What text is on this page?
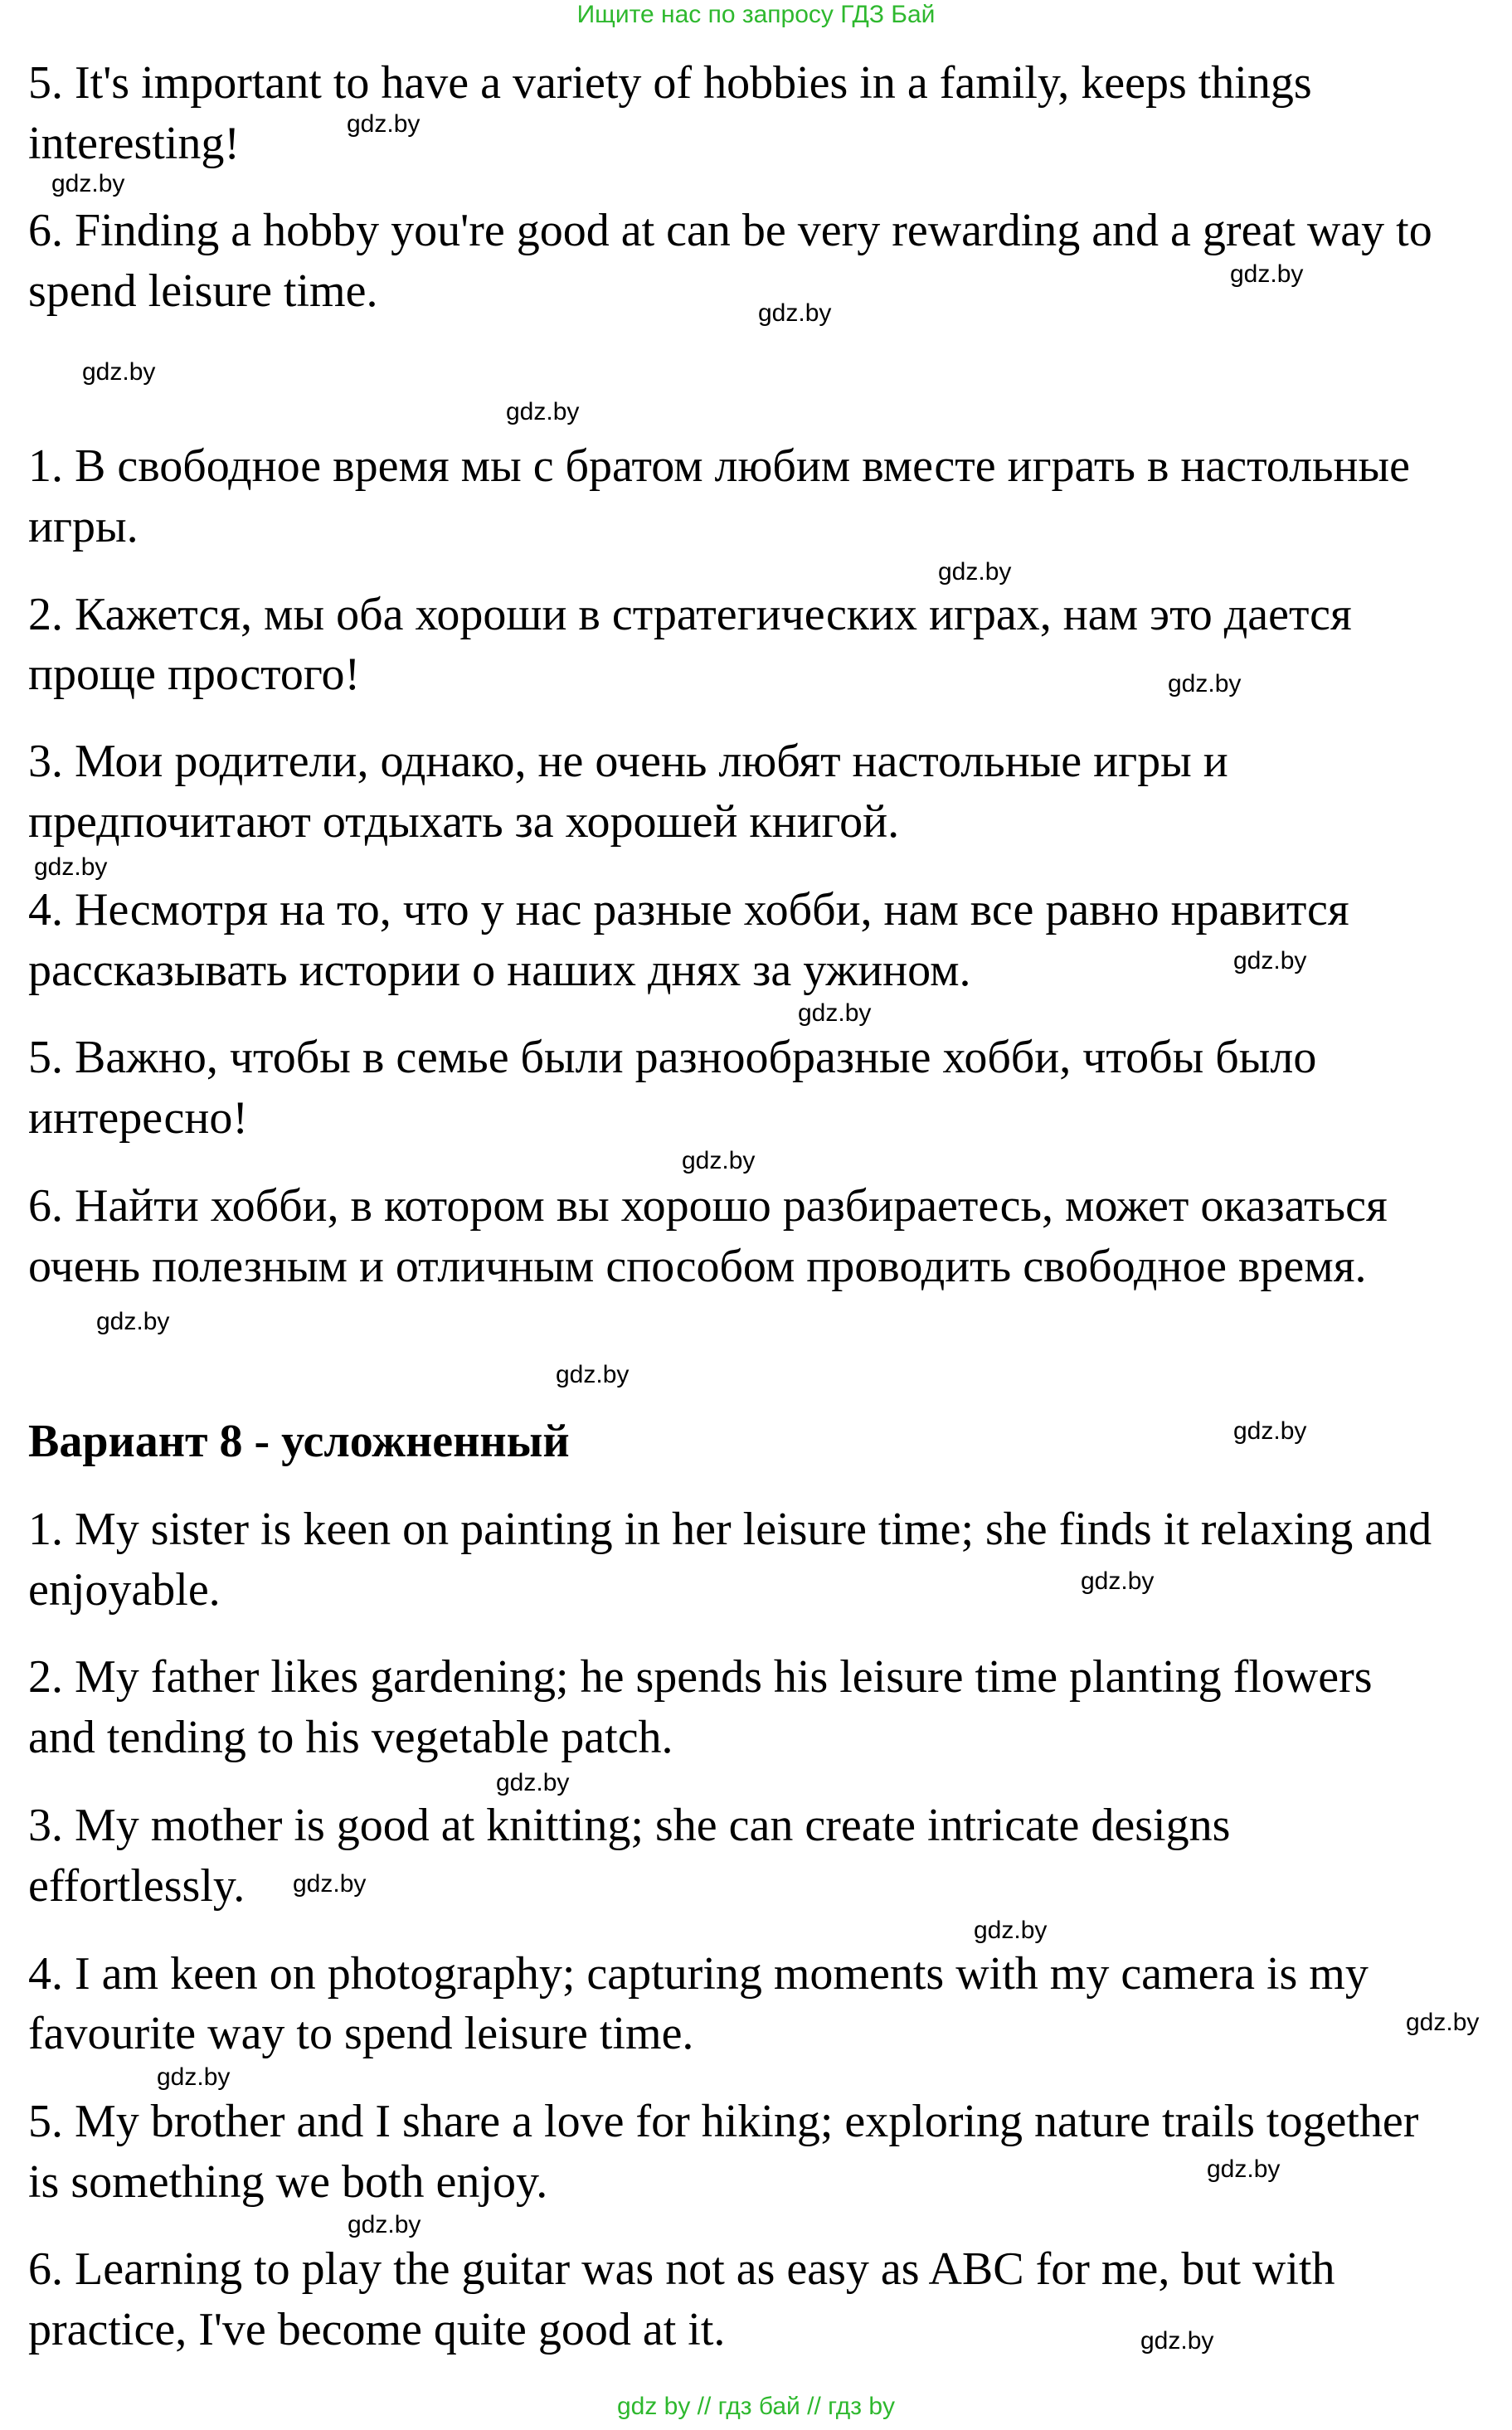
Ищите нас по запросу ГДЗ Бай

5. It's important to have a variety of hobbies in a family, keeps things

interesting!

6. Finding a hobby you're good at can be very rewarding and a great way to

spend leisure time.

1. В свободное время мы с братом любим вместе играть в настольные

игры.

2. Кажется, мы оба хороши в стратегических играх, нам это дается

проще простого!

3. Мои родители, однако, не очень любят настольные игры и

предпочитают отдыхать за хорошей книгой.

4. Несмотря на то, что у нас разные хобби, нам все равно нравится

рассказывать истории о наших днях за ужином.

5. Важно, чтобы в семье были разнообразные хобби, чтобы было

интересно!

6. Найти хобби, в котором вы хорошо разбираетесь, может оказаться

очень полезным и отличным способом проводить свободное время.

Вариант 8 - усложненный

1. My sister is keen on painting in her leisure time; she finds it relaxing and

enjoyable.

2. My father likes gardening; he spends his leisure time planting flowers

and tending to his vegetable patch.

3. My mother is good at knitting; she can create intricate designs

effortlessly.

4. I am keen on photography; capturing moments with my camera is my

favourite way to spend leisure time.

5. My brother and I share a love for hiking; exploring nature trails together

is something we both enjoy.

6. Learning to play the guitar was not as easy as ABC for me, but with

practice, I've become quite good at it.

gdz.by
gdz.by
gdz.by
gdz.by
gdz.by
gdz.by
gdz.by
gdz.by
gdz.by
gdz.by
gdz.by
gdz.by
gdz.by
gdz.by
gdz.by
gdz.by
gdz.by
gdz.by
gdz.by
gdz.by
gdz.by
gdz.by
gdz.by
gdz.by
gdz by // гдз бай // гдз by
